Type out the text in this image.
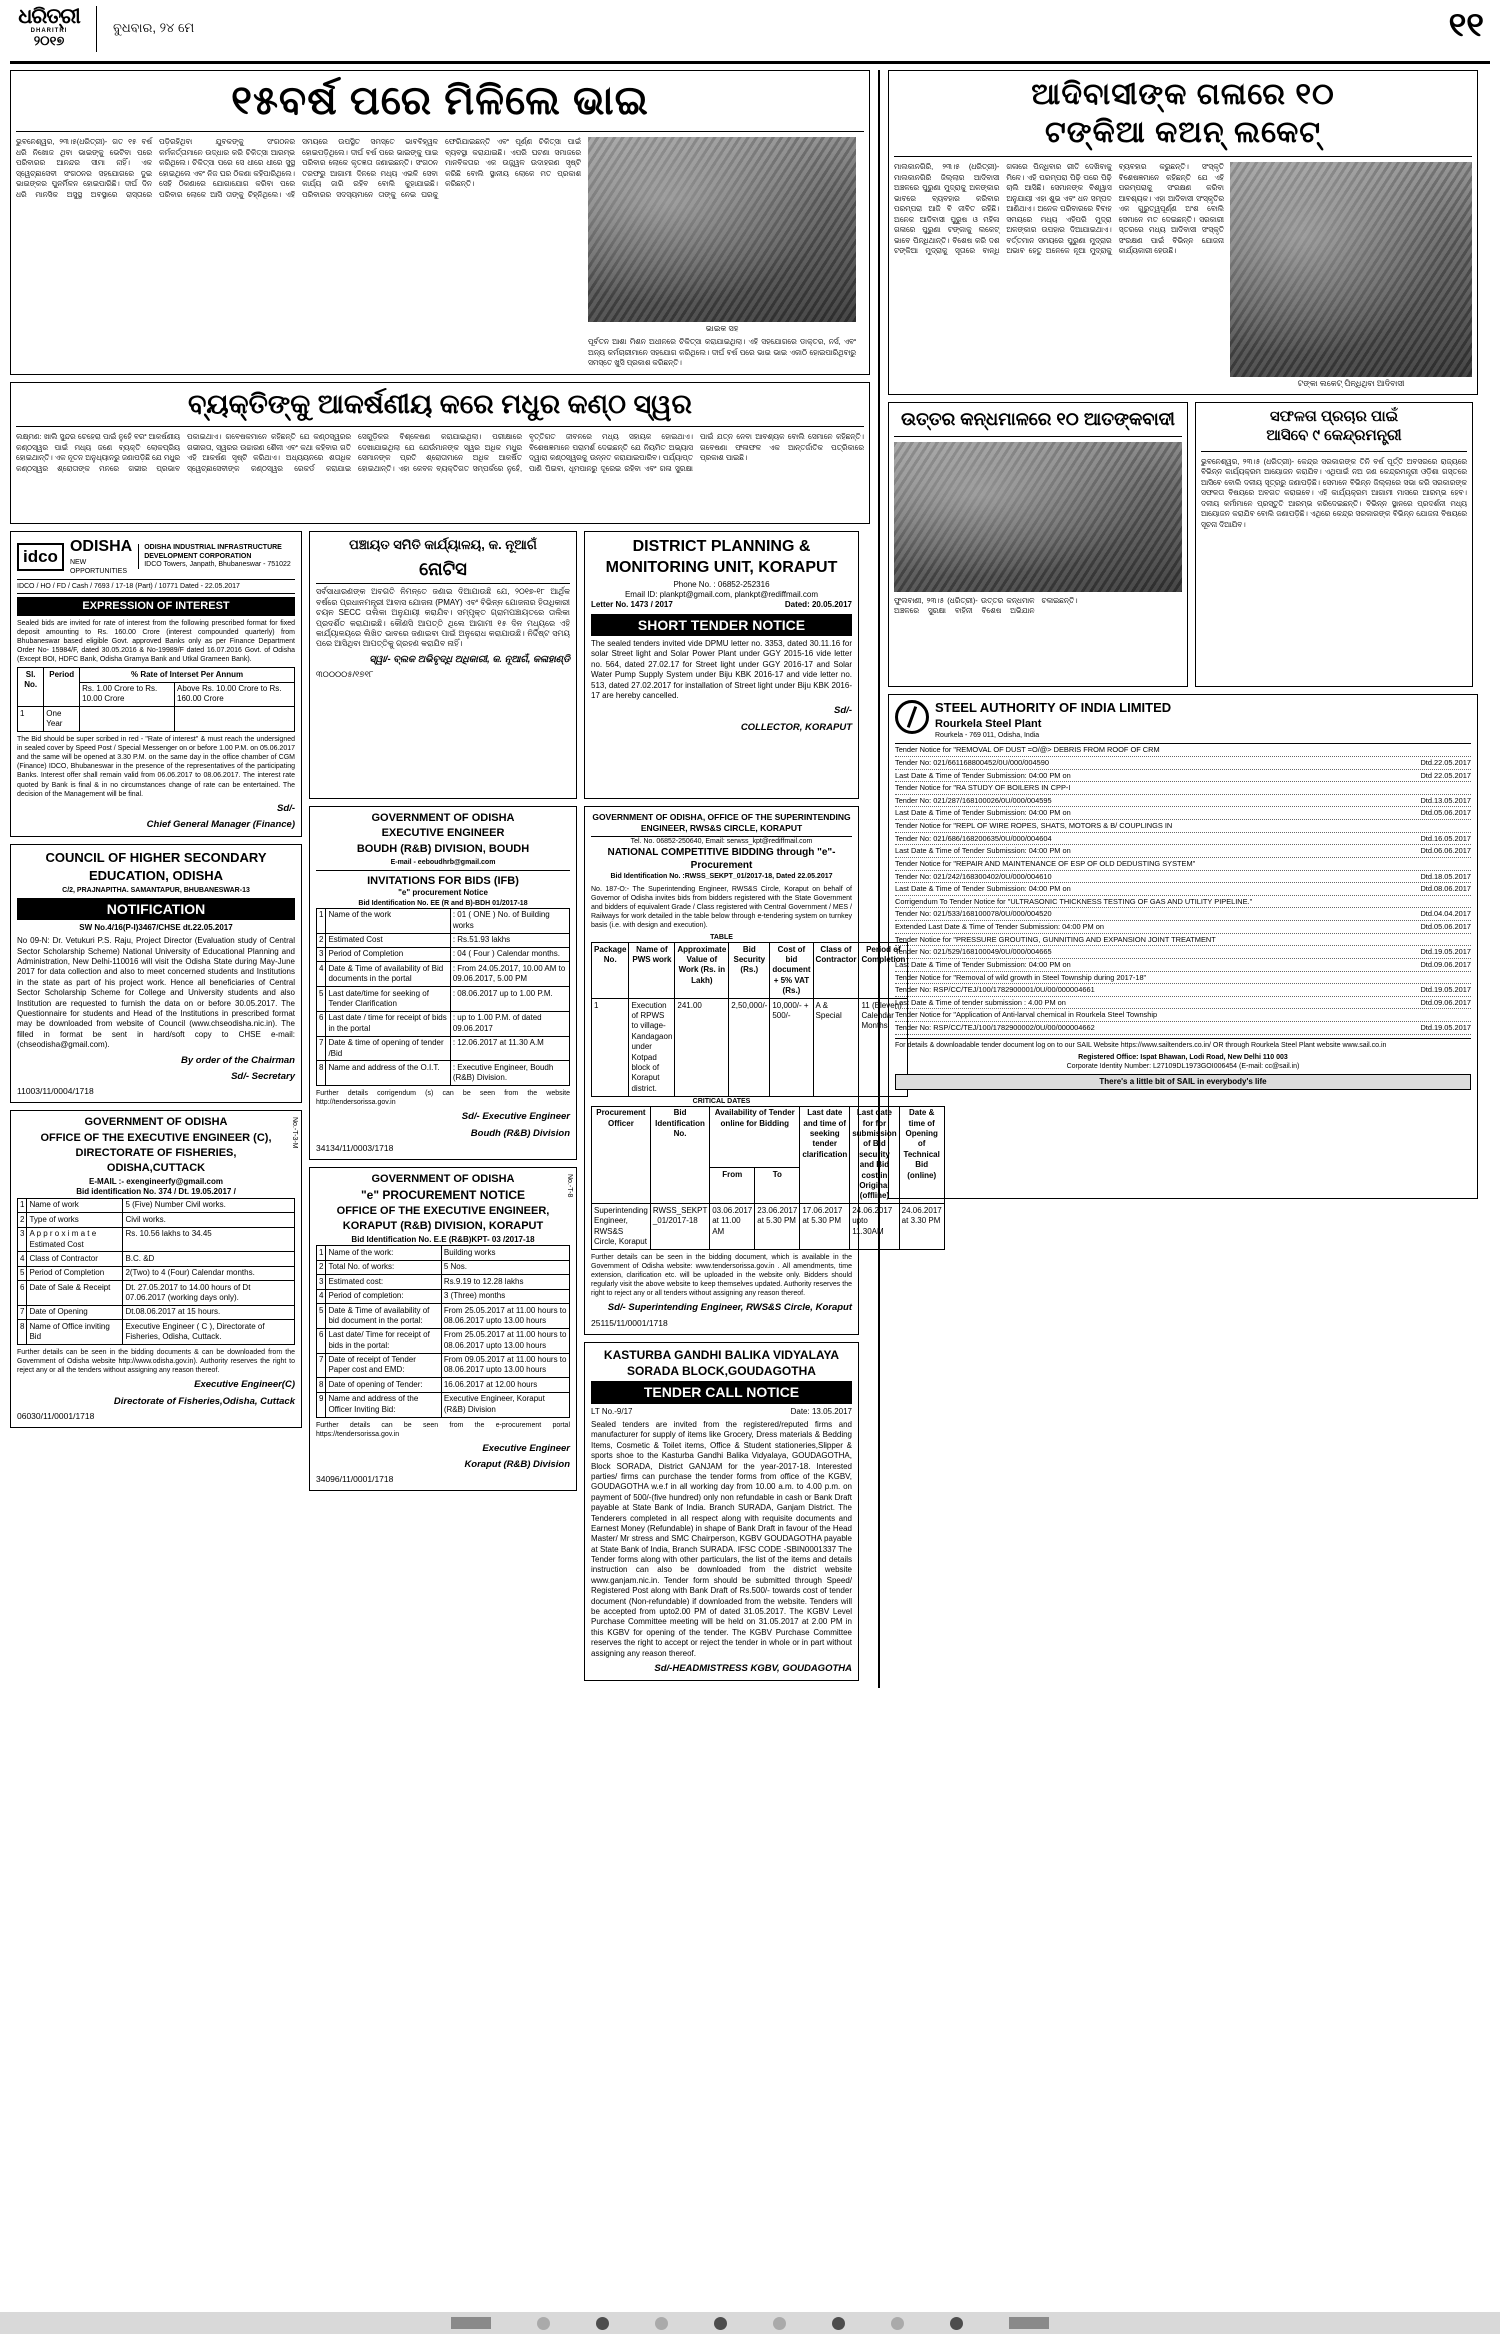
ଧରିତ୍ରୀ
DHARITRI
୨୦୧୭
ବୁଧବାର, ୨୪ ମେ	୧୧
୧୫ବର୍ଷ ପରେ ମିଳିଲେ ଭାଇ
ଭୁବନେଶ୍ୱର, ୨୩।୫(ଧରିତ୍ରୀ)- ଗତ ୧୫ ବର୍ଷ ଧରି ନିଖୋଜ ଥିବା ଭାଇଙ୍କୁ ଭେଟିବା ପରେ ପରିବାରର ଆନନ୍ଦର ସୀମା ନାହିଁ। ଏକ ସ୍ୱେଚ୍ଛାସେବୀ ସଂଗଠନର ସହଯୋଗରେ ଦୁଇ ଭାଇଙ୍କର ପୁନର୍ମିଳନ ହୋଇପାରିଛି। ଦୀର୍ଘ ଦିନ ଧରି ମାନସିକ ଅସୁସ୍ଥ ଅବସ୍ଥାରେ ରାସ୍ତାରେ ପଡ଼ିରହିଥିବା ଯୁବକଙ୍କୁ ସଂଗଠନର କର୍ମକର୍ତ୍ତାମାନେ ଉଦ୍ଧାର କରି ଚିକିତ୍ସା ଆରମ୍ଭ କରିଥିଲେ। ଚିକିତ୍ସା ପରେ ସେ ଧୀରେ ଧୀରେ ସୁସ୍ଥ ହୋଇଥିଲେ ଏବଂ ନିଜ ଘର ଠିକଣା କହିପାରିଥିଲେ। ସେହି ଠିକଣାରେ ଯୋଗାଯୋଗ କରିବା ପରେ ପରିବାର ଲୋକେ ଆସି ତାଙ୍କୁ ଚିହ୍ନିଥିଲେ। ଏହି ସମୟରେ ଉପସ୍ଥିତ ସମସ୍ତେ ଭାବବିହ୍ୱଳ ହୋଇପଡ଼ିଥିଲେ। ଦୀର୍ଘ ବର୍ଷ ପରେ ଭାଇଙ୍କୁ ପାଇ ପରିବାର ଲୋକେ କୃତଜ୍ଞତା ଜଣାଇଛନ୍ତି। ସଂଗଠନ ତରଫରୁ ଆଗାମୀ ଦିନରେ ମଧ୍ୟ ଏଭଳି ସେବା କାର୍ଯ୍ୟ ଜାରି ରହିବ ବୋଲି କୁହାଯାଇଛି। ପରିବାରର ସଦସ୍ୟମାନେ ତାଙ୍କୁ ନେଇ ଘରକୁ ଫେରିଯାଇଛନ୍ତି ଏବଂ ପୂର୍ଣ୍ଣ ଚିକିତ୍ସା ପାଇଁ ବ୍ୟବସ୍ଥା କରାଯାଇଛି। ଏପରି ଘଟଣା ସମାଜରେ ମାନବିକତାର ଏକ ଉଜ୍ଜ୍ୱଳ ଉଦାହରଣ ସୃଷ୍ଟି କରିଛି ବୋଲି ସ୍ଥାନୀୟ ଲୋକେ ମତ ପ୍ରକାଶ କରିଛନ୍ତି।
ଭାଇକ ସହ
ପୂର୍ବତନ ଆଶା ମିଶନ ଅଧୀନରେ ଚିକିତ୍ସା କରାଯାଇଥିଲା। ଏହି ସହଯୋଗରେ ଡାକ୍ତର, ନର୍ସ, ଏବଂ ଅନ୍ୟ କର୍ମଚାରୀମାନେ ସହଯୋଗ କରିଥିଲେ। ଦୀର୍ଘ ବର୍ଷ ପରେ ଭାଇ ଭାଇ ଏକାଠି ହୋଇପାରିଥିବାରୁ ସମସ୍ତେ ଖୁସି ପ୍ରକାଶ କରିଛନ୍ତି।
ବ୍ୟକ୍ତିଙ୍କୁ ଆକର୍ଷଣୀୟ କରେ ମଧୁର କଣ୍ଠ ସ୍ୱର
ଲକ୍ଷ୍ମଣ: ଖାଲି ସୁନ୍ଦର ଚେହେରା ପାଇଁ ନୁହେଁ ବରଂ ଆକର୍ଷଣୀୟ କଣ୍ଠସ୍ୱର ପାଇଁ ମଧ୍ୟ ଜଣେ ବ୍ୟକ୍ତି ଲୋକପ୍ରିୟ ହୋଇଥାନ୍ତି। ଏକ ନୂତନ ଅନୁଧ୍ୟାନରୁ ଜଣାପଡ଼ିଛି ଯେ ମଧୁର କଣ୍ଠସ୍ୱର ଶ୍ରୋତାଙ୍କ ମନରେ ଗଭୀର ପ୍ରଭାବ ପକାଇଥାଏ। ଗବେଷକମାନେ କହିଛନ୍ତି ଯେ କଣ୍ଠସ୍ୱରର ଗଭୀରତା, ସ୍ୱରର ଉଚ୍ଚାରଣ ଶୈଳୀ ଏବଂ କଥା କହିବାର ଗତି ଏହି ଆକର୍ଷଣ ସୃଷ୍ଟି କରିଥାଏ। ଅଧ୍ୟୟନରେ ଶତାଧିକ ସ୍ୱେଚ୍ଛାସେବୀଙ୍କ କଣ୍ଠସ୍ୱର ରେକର୍ଡ କରାଯାଇ ସେଗୁଡ଼ିକର ବିଶ୍ଳେଷଣ କରାଯାଇଥିଲା। ପରୀକ୍ଷାରେ ଦେଖାଯାଇଥିଲା ଯେ ଯେଉଁମାନଙ୍କ ସ୍ୱର ଅଧିକ ମଧୁର ସେମାନଙ୍କ ପ୍ରତି ଶ୍ରୋତାମାନେ ଅଧିକ ଆକର୍ଷିତ ହୋଇଥାନ୍ତି। ଏହା କେବଳ ବ୍ୟକ୍ତିଗତ ସମ୍ପର୍କରେ ନୁହେଁ, ବୃତ୍ତିଗତ ଜୀବନରେ ମଧ୍ୟ ସହାୟକ ହୋଇଥାଏ। ବିଶେଷଜ୍ଞମାନେ ପରାମର୍ଶ ଦେଇଛନ୍ତି ଯେ ନିୟମିତ ଅଭ୍ୟାସ ଦ୍ୱାରା କଣ୍ଠସ୍ୱରକୁ ଉନ୍ନତ କରାଯାଇପାରିବ। ପର୍ଯ୍ୟାପ୍ତ ପାଣି ପିଇବା, ଧୂମପାନରୁ ଦୂରେଇ ରହିବା ଏବଂ ଗଳା ସୁରକ୍ଷା ପାଇଁ ଯତ୍ନ ନେବା ଆବଶ୍ୟକ ବୋଲି ସେମାନେ କହିଛନ୍ତି। ଗବେଷଣା ଫଳାଫଳ ଏକ ଆନ୍ତର୍ଜାତିକ ପତ୍ରିକାରେ ପ୍ରକାଶ ପାଇଛି।
idco ODISHA
NEW OPPORTUNITIES
ODISHA INDUSTRIAL INFRASTRUCTURE DEVELOPMENT CORPORATION
IDCO Towers, Janpath, Bhubaneswar - 751022
IDCO / HO / FD / Cash / 7693 / 17-18 (Part) / 10771 Dated - 22.05.2017
EXPRESSION OF INTEREST

Sealed bids are invited for rate of interest from the following prescribed format for fixed deposit amounting to Rs. 160.00 Crore (interest compounded quarterly) from Bhubaneswar based eligible Govt. approved Banks only as per Finance Department Order No- 15984/F, dated 30.05.2016 & No-19989/F dated 16.07.2016 Govt. of Odisha (Except BOI, HDFC Bank, Odisha Gramya Bank and Utkal Grameen Bank).

Sl. No.	Period	% Rate of Interset Per Annum	
		Rs. 1.00 Crore to Rs. 10.00 Crore	Above Rs. 10.00 Crore to Rs. 160.00 Crore
1	One Year		

The Bid should be super scribed in red - "Rate of interest" & must reach the undersigned in sealed cover by Speed Post / Special Messenger on or before 1.00 P.M. on 05.06.2017 and the same will be opened at 3.30 P.M. on the same day in the office chamber of CGM (Finance) IDCO, Bhubaneswar in the presence of the representatives of the participating Banks. Interest offer shall remain valid from 06.06.2017 to 08.06.2017. The interest rate quoted by Bank is final & in no circumstances change of rate can be entertained. The decision of the Management will be final.

Sd/-
Chief General Manager (Finance)
COUNCIL OF HIGHER SECONDARY
EDUCATION, ODISHA
C/2, PRAJNAPITHA. SAMANTAPUR, BHUBANESWAR-13
NOTIFICATION
SW No.4/16(P-I)3467/CHSE dt.22.05.2017

No 09-N: Dr. Vetukuri P.S. Raju, Project Director (Evaluation study of Central Sector Scholarship Scheme) National University of Educational Planning and Administration, New Delhi-110016 will visit the Odisha State during May-June 2017 for data collection and also to meet concerned students and Institutions in the state as part of his project work. Hence all beneficiaries of Central Sector Scholarship Scheme for College and University students and also Institution are requested to furnish the data on or before 30.05.2017. The Questionnaire for students and Head of the Institutions in prescribed format may be downloaded from website of Council (www.chseodisha.nic.in). The filled in format be sent in hard/soft copy to CHSE e-mail: (chseodisha@gmail.com).

By order of the Chairman
Sd/- Secretary
11003/11/0004/1718
No.-T-3-M
GOVERNMENT OF ODISHA
OFFICE OF THE EXECUTIVE ENGINEER (C),
DIRECTORATE OF FISHERIES,
ODISHA,CUTTACK
E-MAIL :- exengineerfy@gmail.com
Bid identification No. 374 / Dt. 19.05.2017 /
1	Name of work	5 (Five) Number Civil works.
2	Type of works	Civil works.
3	A p p r o x i m a t e Estimated Cost	Rs. 10.56 lakhs to 34.45
4	Class of Contractor	B.C. &D
5	Period of Completion	2(Two) to 4 (Four) Calendar months.
6	Date of Sale & Receipt	Dt. 27.05.2017 to 14.00 hours of Dt 07.06.2017 (working days only).
7	Date of Opening	Dt.08.06.2017 at 15 hours.
8	Name of Office inviting Bid	Executive Engineer ( C ), Directorate of Fisheries, Odisha, Cuttack.

Further details can be seen in the bidding documents & can be downloaded from the Government of Odisha website http://www.odisha.gov.in). Authority reserves the right to reject any or all the tenders without assigning any reason thereof.

Executive Engineer(C)
Directorate of Fisheries,Odisha, Cuttack
06030/11/0001/1718
ପଞ୍ଚାୟତ ସମିତି କାର୍ଯ୍ୟାଳୟ, କ. ନୂଆଗଁ
ନୋଟିସ

ସର୍ବସାଧାରଣଙ୍କ ଅବଗତି ନିମନ୍ତେ ଜଣାଇ ଦିଆଯାଉଛି ଯେ, ୨୦୧୭-୧୮ ଆର୍ଥିକ ବର୍ଷରେ ପ୍ରଧାନମନ୍ତ୍ରୀ ଆବାସ ଯୋଜନା (PMAY) ଏବଂ ବିଭିନ୍ନ ଯୋଜନାର ହିତାଧିକାରୀ ଚୟନ SECC ତାଲିକା ଅନୁଯାୟୀ କରାଯିବ। ସମ୍ପୃକ୍ତ ଗ୍ରାମପଞ୍ଚାୟତରେ ତାଲିକା ପ୍ରଦର୍ଶିତ କରାଯାଇଛି। କୌଣସି ଆପତ୍ତି ଥିଲେ ଆଗାମୀ ୧୫ ଦିନ ମଧ୍ୟରେ ଏହି କାର୍ଯ୍ୟାଳୟରେ ଲିଖିତ ଭାବରେ ଜଣାଇବା ପାଇଁ ଅନୁରୋଧ କରାଯାଉଛି। ନିର୍ଦ୍ଦିଷ୍ଟ ସମୟ ପରେ ଆସିଥିବା ଆପତ୍ତିକୁ ଗ୍ରହଣ କରାଯିବ ନାହିଁ।

ସ୍ୱା/- ବ୍ଲକ ଅଭିବୃଦ୍ଧି ଅଧିକାରୀ, କ. ନୂଆଗଁ, କଳାହାଣ୍ଡି
୩୦୦୦୦୫/୧୭୧୮
GOVERNMENT OF ODISHA
EXECUTIVE ENGINEER
BOUDH (R&B) DIVISION, BOUDH
E-mail - eeboudhrb@gmail.com
INVITATIONS FOR BIDS (IFB)
"e" procurement Notice
Bid Identification No. EE (R and B)-BDH 01/2017-18
1	Name of the work	: 01 ( ONE ) No. of Building works
2	Estimated Cost	: Rs.51.93 lakhs
3	Period of Completion	: 04 ( Four ) Calendar months.
4	Date & Time of availability of Bid documents in the portal	: From 24.05.2017, 10.00 AM to 09.06.2017, 5.00 PM
5	Last date/time for seeking of Tender Clarification	: 08.06.2017 up to 1.00 P.M.
6	Last date / time for receipt of bids in the portal	: up to 1.00 P.M. of dated 09.06.2017
7	Date & time of opening of tender /Bid	: 12.06.2017 at 11.30 A.M
8	Name and address of the O.I.T.	: Executive Engineer, Boudh (R&B) Division.

Further details corrigendum (s) can be seen from the website http://tendersorissa.gov.in

Sd/- Executive Engineer
Boudh (R&B) Division
34134/11/0003/1718
No.-T-8
GOVERNMENT OF ODISHA
"e" PROCUREMENT NOTICE
OFFICE OF THE EXECUTIVE ENGINEER,
KORAPUT (R&B) DIVISION, KORAPUT
Bid Identification No. E.E (R&B)KPT- 03 /2017-18
1	Name of the work:	Building works
2	Total No. of works:	5 Nos.
3	Estimated cost:	Rs.9.19 to 12.28 lakhs
4	Period of completion:	3 (Three) months
5	Date & Time of availability of bid document in the portal:	From 25.05.2017 at 11.00 hours to 08.06.2017 upto 13.00 hours
6	Last date/ Time for receipt of bids in the portal:	From 25.05.2017 at 11.00 hours to 08.06.2017 upto 13.00 hours
7	Date of receipt of Tender Paper cost and EMD:	From 09.05.2017 at 11.00 hours to 08.06.2017 upto 13.00 hours
8	Date of opening of Tender:	16.06.2017 at 12.00 hours
9	Name and address of the Officer Inviting Bid:	Executive Engineer, Koraput (R&B) Division

Further details can be seen from the e-procurement portal https://tendersorissa.gov.in

Executive Engineer
Koraput (R&B) Division
34096/11/0001/1718
DISTRICT PLANNING &
MONITORING UNIT, KORAPUT
Phone No. : 06852-252316
Email ID: plankpt@gmail.com, plankpt@rediffmail.com
Letter No. 1473 / 2017	Dated: 20.05.2017
SHORT TENDER NOTICE

The sealed tenders invited vide DPMU letter no. 3353, dated 30.11.16 for solar Street light and Solar Power Plant under GGY 2015-16 vide letter no. 564, dated 27.02.17 for Street light under GGY 2016-17 and Solar Water Pump Supply System under Biju KBK 2016-17 and vide letter no. 513, dated 27.02.2017 for installation of Street light under Biju KBK 2016-17 are hereby cancelled.

Sd/-
COLLECTOR, KORAPUT
GOVERNMENT OF ODISHA, OFFICE OF THE SUPERINTENDING ENGINEER, RWS&S CIRCLE, KORAPUT
Tel. No. 06852-250640, Email: serwss_kpt@rediffmail.com
NATIONAL COMPETITIVE BIDDING through "e"-Procurement
Bid Identification No. :RWSS_SEKPT_01/2017-18, Dated 22.05.2017

No. 187-O:- The Superintending Engineer, RWS&S Circle, Koraput on behalf of Governor of Odisha invites bids from bidders registered with the State Government and bidders of equivalent Grade / Class registered with Central Government / MES / Railways for work detailed in the table below through e-tendering system on turnkey basis (i.e. with design and execution).

TABLE
Package No.	Name of PWS work	Approximate Value of Work (Rs. in Lakh)	Bid Security (Rs.)	Cost of bid document + 5% VAT (Rs.)	Class of Contractor	Period of Completion
1	Execution of RPWS to village-Kandagaon under Kotpad block of Koraput district.	241.00	2,50,000/-	10,000/- + 500/-	A & Special	11 (Eleven) Calendar Months
CRITICAL DATES
Procurement Officer	Bid Identification No.	Availability of Tender online for Bidding		Last date and time of seeking tender clarification	Last date for for submission of Bid security and Bid cost in Original (offline)	Date & time of Opening of Technical Bid (online)
		From	To			
Superintending Engineer, RWS&S Circle, Koraput	RWSS_SEKPT _01/2017-18	03.06.2017 at 11.00 AM	23.06.2017 at 5.30 PM	17.06.2017 at 5.30 PM	24.06.2017 upto 11.30AM	24.06.2017 at 3.30 PM

Further details can be seen in the bidding document, which is available in the Government of Odisha website: www.tendersorissa.gov.in . All amendments, time extension, clarification etc. will be uploaded in the website only. Bidders should regularly visit the above website to keep themselves updated. Authority reserves the right to reject any or all tenders without assigning any reason thereof.

Sd/- Superintending Engineer, RWS&S Circle, Koraput
25115/11/0001/1718
KASTURBA GANDHI BALIKA VIDYALAYA
SORADA BLOCK,GOUDAGOTHA
TENDER CALL NOTICE
LT No.-9/17	Date: 13.05.2017

Sealed tenders are invited from the registered/reputed firms and manufacturer for supply of items like Grocery, Dress materials & Bedding Items, Cosmetic & Toilet items, Office & Student stationeries,Slipper & sports shoe to the Kasturba Gandhi Balika Vidyalaya, GOUDAGOTHA, Block SORADA, District GANJAM for the year-2017-18. Interested parties/ firms can purchase the tender forms from office of the KGBV, GOUDAGOTHA w.e.f in all working day from 10.00 a.m. to 4.00 p.m. on payment of 500/-(five hundred) only non refundable in cash or Bank Draft payable at State Bank of India. Branch SURADA, Ganjam District. The Tenderers completed in all respect along with requisite documents and Earnest Money (Refundable) in shape of Bank Draft in favour of the Head Master/ Mr stress and SMC Chairperson, KGBV GOUDAGOTHA payable at State Bank of India, Branch SURADA. IFSC CODE -SBIN0001337 The Tender forms along with other particulars, the list of the items and details instruction can also be downloaded from the district website www.ganjam.nic.in. Tender form should be submitted through Speed/ Registered Post along with Bank Draft of Rs.500/- towards cost of tender document (Non-refundable) if downloaded from the website. Tenders will be accepted from upto2.00 PM of dated 31.05.2017. The KGBV Level Purchase Committee meeting will be held on 31.05.2017 at 2.00 PM in this KGBV for opening of the tender. The KGBV Purchase Committee reserves the right to accept or reject the tender in whole or in part without assigning any reason thereof.

Sd/-HEADMISTRESS KGBV, GOUDAGOTHA
ଆଦିବାସୀଙ୍କ ଗଳାରେ ୧୦
ଟଙ୍କିଆ କଅନ୍ ଲକେଟ୍
ମାଲକାନଗିରି, ୨୩।୫ (ଧରିତ୍ରୀ)- ମାଲକାନଗିରି ଜିଲ୍ଲାର ଆଦିବାସୀ ଅଞ୍ଚଳରେ ପୁରୁଣା ମୁଦ୍ରାକୁ ଅଳଙ୍କାର ଭାବରେ ବ୍ୟବହାର କରିବାର ପରମ୍ପରା ଆଜି ବି ଜୀବିତ ରହିଛି। ଅନେକ ଆଦିବାସୀ ପୁରୁଷ ଓ ମହିଳା ଗଳାରେ ପୁରୁଣା ଟଙ୍କାକୁ ଲକେଟ୍ ଭାବେ ପିନ୍ଧିଥାନ୍ତି। ବିଶେଷ କରି ଦଶ ଟଙ୍କିଆ ମୁଦ୍ରାକୁ ସୂତାରେ ବାନ୍ଧି ଗଳାରେ ପିନ୍ଧିବାର ରୀତି ଦେଖିବାକୁ ମିଳେ। ଏହି ପରମ୍ପରା ପିଢ଼ି ପରେ ପିଢ଼ି ଚାଲି ଆସିଛି। ସେମାନଙ୍କ ବିଶ୍ୱାସ ଅନୁଯାୟୀ ଏହା ଶୁଭ ଏବଂ ଧନ ସମ୍ପଦ ଆଣିଥାଏ। ଅନେକ ପରିବାରରେ ବିବାହ ସମୟରେ ମଧ୍ୟ ଏହିପରି ମୁଦ୍ରା ଅଳଙ୍କାର ଉପହାର ଦିଆଯାଇଥାଏ। ବର୍ତ୍ତମାନ ସମୟରେ ପୁରୁଣା ମୁଦ୍ରାର ଅଭାବ ହେତୁ ଅନେକେ ନୂଆ ମୁଦ୍ରାକୁ ବ୍ୟବହାର କରୁଛନ୍ତି। ସଂସ୍କୃତି ବିଶେଷଜ୍ଞମାନେ କହିଛନ୍ତି ଯେ ଏହି ପରମ୍ପରାକୁ ସଂରକ୍ଷଣ କରିବା ଆବଶ୍ୟକ। ଏହା ଆଦିବାସୀ ସଂସ୍କୃତିର ଏକ ଗୁରୁତ୍ୱପୂର୍ଣ୍ଣ ଅଂଶ ବୋଲି ସେମାନେ ମତ ଦେଇଛନ୍ତି। ସରକାରୀ ସ୍ତରରେ ମଧ୍ୟ ଆଦିବାସୀ ସଂସ୍କୃତି ସଂରକ୍ଷଣ ପାଇଁ ବିଭିନ୍ନ ଯୋଜନା କାର୍ଯ୍ୟକାରୀ ହେଉଛି।
ଟଙ୍କା ଲକେଟ୍ ପିନ୍ଧିଥିବା ଆଦିବାସୀ
ଉତ୍ତର କନ୍ଧମାଳରେ ୧୦ ଆତଙ୍କବାଦୀ
ଫୁଲବାଣୀ, ୨୩।୫ (ଧରିତ୍ରୀ)- ଉତ୍ତର କନ୍ଧମାଳ ଅଞ୍ଚଳରେ ସୁରକ୍ଷା ବାହିନୀ ବିଶେଷ ଅଭିଯାନ ଚଳାଇଛନ୍ତି।
ସଫଳତା ପ୍ରଚାର ପାଇଁ
ଆସିବେ ୯ କେନ୍ଦ୍ରମନ୍ତ୍ରୀ
ଭୁବନେଶ୍ୱର, ୨୩।୫ (ଧରିତ୍ରୀ)- କେନ୍ଦ୍ର ସରକାରଙ୍କ ତିନି ବର୍ଷ ପୂର୍ତ୍ତି ଅବସରରେ ରାଜ୍ୟରେ ବିଭିନ୍ନ କାର୍ଯ୍ୟକ୍ରମ ଆୟୋଜନ କରାଯିବ। ଏଥିପାଇଁ ନଅ ଜଣ କେନ୍ଦ୍ରମନ୍ତ୍ରୀ ଓଡ଼ିଶା ଗସ୍ତରେ ଆସିବେ ବୋଲି ଦଳୀୟ ସୂତ୍ରରୁ ଜଣାପଡ଼ିଛି। ସେମାନେ ବିଭିନ୍ନ ଜିଲ୍ଲାରେ ସଭା କରି ସରକାରଙ୍କ ସଫଳତା ବିଷୟରେ ଅବଗତ କରାଇବେ। ଏହି କାର୍ଯ୍ୟକ୍ରମ ଆଗାମୀ ମାସରେ ଆରମ୍ଭ ହେବ। ଦଳୀୟ କର୍ମୀମାନେ ପ୍ରସ୍ତୁତି ଆରମ୍ଭ କରିଦେଇଛନ୍ତି। ବିଭିନ୍ନ ସ୍ଥାନରେ ପ୍ରଦର୍ଶନୀ ମଧ୍ୟ ଆୟୋଜନ କରାଯିବ ବୋଲି ଜଣାପଡ଼ିଛି। ଏଥିରେ କେନ୍ଦ୍ର ସରକାରଙ୍କ ବିଭିନ୍ନ ଯୋଜନା ବିଷୟରେ ସୂଚନା ଦିଆଯିବ।
STEEL AUTHORITY OF INDIA LIMITED
Rourkela Steel Plant
Rourkela - 769 011, Odisha, India
Tender Notice for "REMOVAL OF DUST =O/@> DEBRIS FROM ROOF OF CRM
Tender No: 021/661168800452/0U/000/004590	Dtd.22.05.2017
Last Date & Time of Tender Submission: 04:00 PM on	Dtd 22.05.2017
Tender Notice for "RA STUDY OF BOILERS IN CPP-I
Tender No: 021/287/168100026/0U/000/004595	Dtd.13.05.2017
Last Date & Time of Tender Submission: 04:00 PM on	Dtd.05.06.2017
Tender Notice for "REPL OF WIRE ROPES, SHATS, MOTORS & B/ COUPLINGS IN
Tender No: 021/686/168200635/0U/000/004604	Dtd.16.05.2017
Last Date & Time of Tender Submission: 04:00 PM on	Dtd.06.06.2017
Tender Notice for "REPAIR AND MAINTENANCE OF ESP OF OLD DEDUSTING SYSTEM"
Tender No: 021/242/168300402/0U/000/004610	Dtd.18.05.2017
Last Date & Time of Tender Submission: 04:00 PM on	Dtd.08.06.2017
Corrigendum To Tender Notice for "ULTRASONIC THICKNESS TESTING OF GAS AND UTILITY PIPELINE."
Tender No: 021/533/168100078/0U/000/004520	Dtd.04.04.2017
Extended Last Date & Time of Tender Submission: 04:00 PM on	Dtd.05.06.2017
Tender Notice for "PRESSURE GROUTING, GUNNITING AND EXPANSION JOINT TREATMENT
Tender No: 021/529/168100049/0U/000/004665	Dtd.19.05.2017
Last Date & Time of Tender Submission: 04:00 PM on	Dtd.09.06.2017
Tender Notice for "Removal of wild growth in Steel Township during 2017-18"
Tender No: RSP/CC/TEJ/100/1782900001/0U/00/000004661	Dtd.19.05.2017
Last Date & Time of tender submission : 4.00 PM on	Dtd.09.06.2017
Tender Notice for "Application of Anti-larval chemical in Rourkela Steel Township
Tender No: RSP/CC/TEJ/100/1782900002/0U/00/000004662	Dtd.19.05.2017

For details & downloadable tender document log on to our SAIL Website https://www.sailtenders.co.in/ OR through Rourkela Steel Plant website www.sail.co.in

Registered Office: Ispat Bhawan, Lodi Road, New Delhi 110 003
Corporate Identity Number: L27109DL1973GOI006454 (E-mail: cc@sail.in)
There's a little bit of SAIL in everybody's life
